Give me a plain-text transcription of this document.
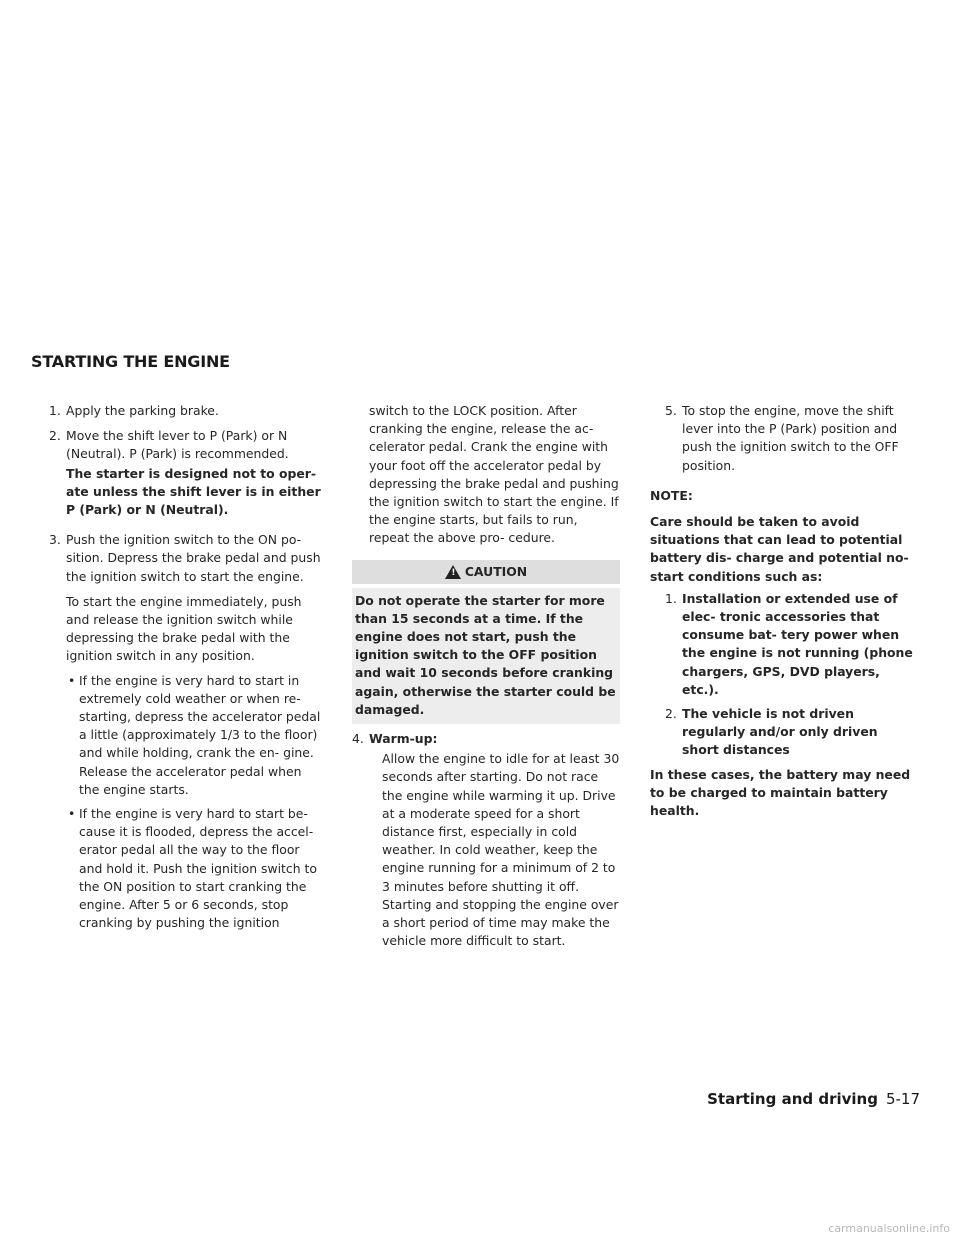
STARTING THE ENGINE

1. Apply the parking brake.

2. Move the shift lever to P (Park) or N (Neutral). P (Park) is recommended.

The starter is designed not to oper- ate unless the shift lever is in either P (Park) or N (Neutral).

3. Push the ignition switch to the ON po- sition. Depress the brake pedal and push the ignition switch to start the engine.

To start the engine immediately, push and release the ignition switch while depressing the brake pedal with the ignition switch in any position.

• If the engine is very hard to start in extremely cold weather or when re- starting, depress the accelerator pedal a little (approximately 1/3 to the floor) and while holding, crank the en- gine. Release the accelerator pedal when the engine starts.

• If the engine is very hard to start be- cause it is flooded, depress the accel- erator pedal all the way to the floor and hold it. Push the ignition switch to the ON position to start cranking the engine. After 5 or 6 seconds, stop cranking by pushing the ignition

switch to the LOCK position. After cranking the engine, release the ac- celerator pedal. Crank the engine with your foot off the accelerator pedal by depressing the brake pedal and pushing the ignition switch to start the engine. If the engine starts, but fails to run, repeat the above pro- cedure.

! CAUTION

Do not operate the starter for more than 15 seconds at a time. If the engine does not start, push the ignition switch to the OFF position and wait 10 seconds before cranking again, otherwise the starter could be damaged.

4. Warm-up:

Allow the engine to idle for at least 30 seconds after starting. Do not race the engine while warming it up. Drive at a moderate speed for a short distance first, especially in cold weather. In cold weather, keep the engine running for a minimum of 2 to 3 minutes before shutting it off. Starting and stopping the engine over a short period of time may make the vehicle more difficult to start.

5. To stop the engine, move the shift lever into the P (Park) position and push the ignition switch to the OFF position.

NOTE:

Care should be taken to avoid situations that can lead to potential battery dis- charge and potential no-start conditions such as:

1. Installation or extended use of elec- tronic accessories that consume bat- tery power when the engine is not running (phone chargers, GPS, DVD players, etc.).

2. The vehicle is not driven regularly and/or only driven short distances

In these cases, the battery may need to be charged to maintain battery health.

Starting and driving 5-17
carmanualsonline.info
